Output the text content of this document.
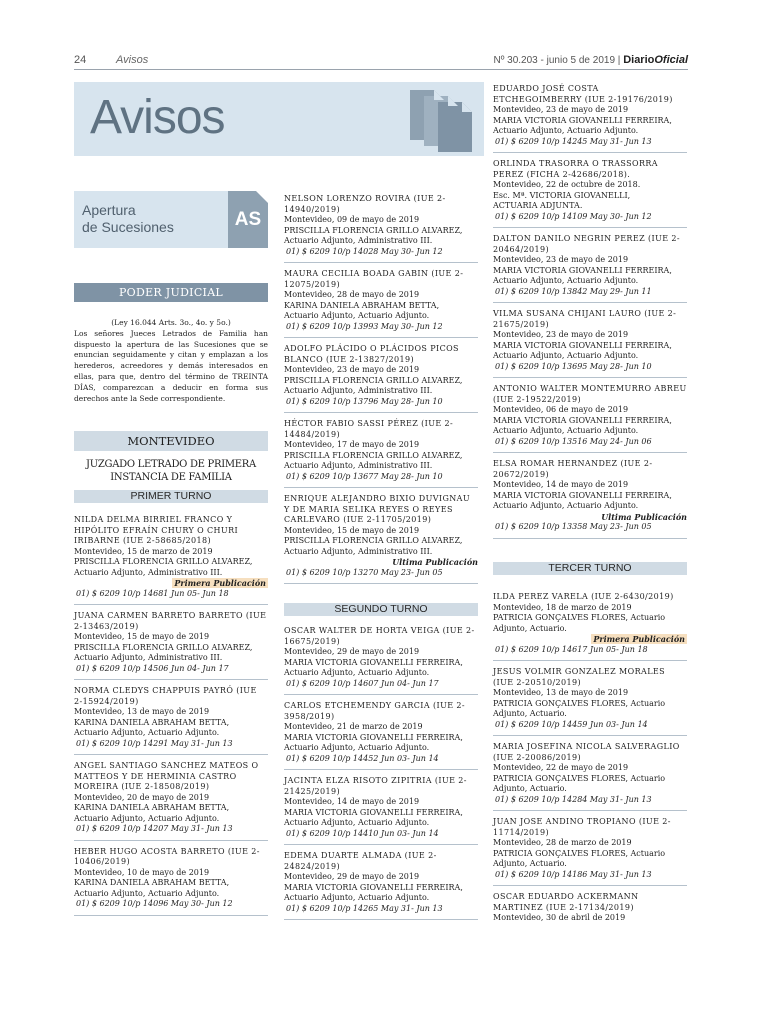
24	Avisos	Nº 30.203 - junio 5 de 2019 | DiarioOficial
Avisos
Apertura
de Sucesiones	AS
PODER JUDICIAL
(Ley 16.044 Arts. 3o., 4o. y 5o.)
Los señores Jueces Letrados de Familia han dispuesto la apertura de las Sucesiones que se enuncian seguidamente y citan y emplazan a los herederos, acreedores y demás interesados en ellas, para que, dentro del término de TREINTA DÍAS, comparezcan a deducir en forma sus derechos ante la Sede correspondiente.
MONTEVIDEO
JUZGADO LETRADO DE PRIMERA INSTANCIA DE FAMILIA
PRIMER TURNO
NILDA DELMA BIRRIEL FRANCO Y HIPÓLITO EFRAÍN CHURY O CHURI IRIBARNE (IUE 2-58685/2018)
Montevideo, 15 de marzo de 2019
PRISCILLA FLORENCIA GRILLO ALVAREZ,
Actuario Adjunto, Administrativo III.
Primera Publicación
01) $ 6209 10/p 14681 Jun 05- Jun 18
JUANA CARMEN BARRETO BARRETO (IUE 2-13463/2019)
Montevideo, 15 de mayo de 2019
PRISCILLA FLORENCIA GRILLO ALVAREZ,
Actuario Adjunto, Administrativo III.
01) $ 6209 10/p 14506 Jun 04- Jun 17
NORMA CLEDYS CHAPPUIS PAYRÓ (IUE 2-15924/2019)
Montevideo, 13 de mayo de 2019
KARINA DANIELA ABRAHAM BETTA,
Actuario Adjunto, Actuario Adjunto.
01) $ 6209 10/p 14291 May 31- Jun 13
ANGEL SANTIAGO SANCHEZ MATEOS O MATTEOS Y DE HERMINIA CASTRO MOREIRA (IUE 2-18508/2019)
Montevideo, 20 de mayo de 2019
KARINA DANIELA ABRAHAM BETTA,
Actuario Adjunto, Actuario Adjunto.
01) $ 6209 10/p 14207 May 31- Jun 13
HEBER HUGO ACOSTA BARRETO (IUE 2-10406/2019)
Montevideo, 10 de mayo de 2019
KARINA DANIELA ABRAHAM BETTA,
Actuario Adjunto, Actuario Adjunto.
01) $ 6209 10/p 14096 May 30- Jun 12
NELSON LORENZO ROVIRA (IUE 2-14940/2019)
Montevideo, 09 de mayo de 2019
PRISCILLA FLORENCIA GRILLO ALVAREZ,
Actuario Adjunto, Administrativo III.
01) $ 6209 10/p 14028 May 30- Jun 12
MAURA CECILIA BOADA GABIN (IUE 2-12075/2019)
Montevideo, 28 de mayo de 2019
KARINA DANIELA ABRAHAM BETTA,
Actuario Adjunto, Actuario Adjunto.
01) $ 6209 10/p 13993 May 30- Jun 12
ADOLFO PLÁCIDO O PLÁCIDOS PICOS BLANCO (IUE 2-13827/2019)
Montevideo, 23 de mayo de 2019
PRISCILLA FLORENCIA GRILLO ALVAREZ,
Actuario Adjunto, Administrativo III.
01) $ 6209 10/p 13796 May 28- Jun 10
HÉCTOR FABIO SASSI PÉREZ (IUE 2-14484/2019)
Montevideo, 17 de mayo de 2019
PRISCILLA FLORENCIA GRILLO ALVAREZ,
Actuario Adjunto, Administrativo III.
01) $ 6209 10/p 13677 May 28- Jun 10
ENRIQUE ALEJANDRO BIXIO DUVIGNAU Y DE MARIA SELIKA REYES O REYES CARLEVARO (IUE 2-11705/2019)
Montevideo, 15 de mayo de 2019
PRISCILLA FLORENCIA GRILLO ALVAREZ,
Actuario Adjunto, Administrativo III.
Ultima Publicación
01) $ 6209 10/p 13270 May 23- Jun 05
SEGUNDO TURNO
OSCAR WALTER DE HORTA VEIGA (IUE 2-16675/2019)
Montevideo, 29 de mayo de 2019
MARIA VICTORIA GIOVANELLI FERREIRA,
Actuario Adjunto, Actuario Adjunto.
01) $ 6209 10/p 14607 Jun 04- Jun 17
CARLOS ETCHEMENDY GARCIA (IUE 2-3958/2019)
Montevideo, 21 de marzo de 2019
MARIA VICTORIA GIOVANELLI FERREIRA,
Actuario Adjunto, Actuario Adjunto.
01) $ 6209 10/p 14452 Jun 03- Jun 14
JACINTA ELZA RISOTO ZIPITRIA (IUE 2-21425/2019)
Montevideo, 14 de mayo de 2019
MARIA VICTORIA GIOVANELLI FERREIRA,
Actuario Adjunto, Actuario Adjunto.
01) $ 6209 10/p 14410 Jun 03- Jun 14
EDEMA DUARTE ALMADA (IUE 2-24824/2019)
Montevideo, 29 de mayo de 2019
MARIA VICTORIA GIOVANELLI FERREIRA,
Actuario Adjunto, Actuario Adjunto.
01) $ 6209 10/p 14265 May 31- Jun 13
EDUARDO JOSÉ COSTA ETCHEGOIMBERRY (IUE 2-19176/2019)
Montevideo, 23 de mayo de 2019
MARIA VICTORIA GIOVANELLI FERREIRA,
Actuario Adjunto, Actuario Adjunto.
01) $ 6209 10/p 14245 May 31- Jun 13
ORLINDA TRASORRA O TRASSORRA PEREZ (FICHA 2-42686/2018).
Montevideo, 22 de octubre de 2018.
Esc. Mª. VICTORIA GIOVANELLI,
ACTUARIA ADJUNTA.
01) $ 6209 10/p 14109 May 30- Jun 12
DALTON DANILO NEGRIN PEREZ (IUE 2-20464/2019)
Montevideo, 23 de mayo de 2019
MARIA VICTORIA GIOVANELLI FERREIRA,
Actuario Adjunto, Actuario Adjunto.
01) $ 6209 10/p 13842 May 29- Jun 11
VILMA SUSANA CHIJANI LAURO (IUE 2-21675/2019)
Montevideo, 23 de mayo de 2019
MARIA VICTORIA GIOVANELLI FERREIRA,
Actuario Adjunto, Actuario Adjunto.
01) $ 6209 10/p 13695 May 28- Jun 10
ANTONIO WALTER MONTEMURRO ABREU (IUE 2-19522/2019)
Montevideo, 06 de mayo de 2019
MARIA VICTORIA GIOVANELLI FERREIRA,
Actuario Adjunto, Actuario Adjunto.
01) $ 6209 10/p 13516 May 24- Jun 06
ELSA ROMAR HERNANDEZ (IUE 2-20672/2019)
Montevideo, 14 de mayo de 2019
MARIA VICTORIA GIOVANELLI FERREIRA,
Actuario Adjunto, Actuario Adjunto.
Ultima Publicación
01) $ 6209 10/p 13358 May 23- Jun 05
TERCER TURNO
ILDA PEREZ VARELA (IUE 2-6430/2019)
Montevideo, 18 de marzo de 2019
PATRICIA GONÇALVES FLORES, Actuario
Adjunto, Actuario.
Primera Publicación
01) $ 6209 10/p 14617 Jun 05- Jun 18
JESUS VOLMIR GONZALEZ MORALES (IUE 2-20510/2019)
Montevideo, 13 de mayo de 2019
PATRICIA GONÇALVES FLORES, Actuario
Adjunto, Actuario.
01) $ 6209 10/p 14459 Jun 03- Jun 14
MARIA JOSEFINA NICOLA SALVERAGLIO (IUE 2-20086/2019)
Montevideo, 22 de mayo de 2019
PATRICIA GONÇALVES FLORES, Actuario
Adjunto, Actuario.
01) $ 6209 10/p 14284 May 31- Jun 13
JUAN JOSE ANDINO TROPIANO (IUE 2-11714/2019)
Montevideo, 28 de marzo de 2019
PATRICIA GONÇALVES FLORES, Actuario
Adjunto, Actuario.
01) $ 6209 10/p 14186 May 31- Jun 13
OSCAR EDUARDO ACKERMANN MARTINEZ (IUE 2-17134/2019)
Montevideo, 30 de abril de 2019
